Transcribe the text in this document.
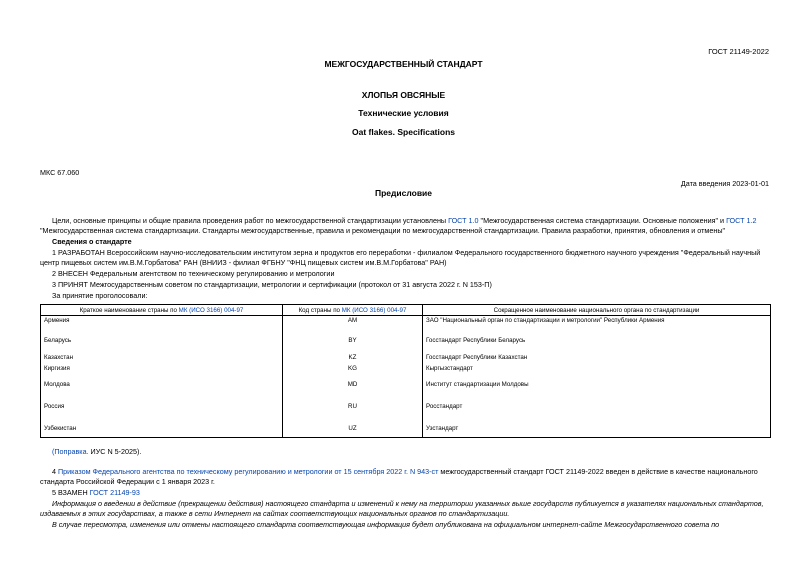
ГОСТ 21149-2022
МЕЖГОСУДАРСТВЕННЫЙ СТАНДАРТ
ХЛОПЬЯ ОВСЯНЫЕ
Технические условия
Oat flakes. Specifications
МКС 67.060
Дата введения 2023-01-01
Предисловие
Цели, основные принципы и общие правила проведения работ по межгосударственной стандартизации установлены ГОСТ 1.0 "Межгосударственная система стандартизации. Основные положения" и ГОСТ 1.2 "Межгосударственная система стандартизации. Стандарты межгосударственные, правила и рекомендации по межгосударственной стандартизации. Правила разработки, принятия, обновления и отмены"
Сведения о стандарте
1 РАЗРАБОТАН Всероссийским научно-исследовательским институтом зерна и продуктов его переработки - филиалом Федерального государственного бюджетного научного учреждения "Федеральный научный центр пищевых систем им.В.М.Горбатова" РАН (ВНИИЗ - филиал ФГБНУ "ФНЦ пищевых систем им.В.М.Горбатова" РАН)
2 ВНЕСЕН Федеральным агентством по техническому регулированию и метрологии
3 ПРИНЯТ Межгосударственным советом по стандартизации, метрологии и сертификации (протокол от 31 августа 2022 г. N 153-П)
За принятие проголосовали:
Краткое наименование страны по МК (ИСО 3166) 004-97	Код страны по МК (ИСО 3166) 004-97	Сокращенное наименование национального органа по стандартизации
Армения	AM	ЗАО "Национальный орган по стандартизации и метрологии" Республики Армения
Беларусь	BY	Госстандарт Республики Беларусь
Казахстан	KZ	Госстандарт Республики Казахстан
Киргизия	KG	Кыргызстандарт
Молдова	MD	Институт стандартизации Молдовы
Россия	RU	Росстандарт
Узбекистан	UZ	Узстандарт
(Поправка. ИУС N 5-2025).
4 Приказом Федерального агентства по техническому регулированию и метрологии от 15 сентября 2022 г. N 943-ст межгосударственный стандарт ГОСТ 21149-2022 введен в действие в качестве национального стандарта Российской Федерации с 1 января 2023 г.
5 ВЗАМЕН ГОСТ 21149-93
Информация о введении в действие (прекращении действия) настоящего стандарта и изменений к нему на территории указанных выше государств публикуется в указателях национальных стандартов, издаваемых в этих государствах, а также в сети Интернет на сайтах соответствующих национальных органов по стандартизации.
В случае пересмотра, изменения или отмены настоящего стандарта соответствующая информация будет опубликована на официальном интернет-сайте Межгосударственного совета по
